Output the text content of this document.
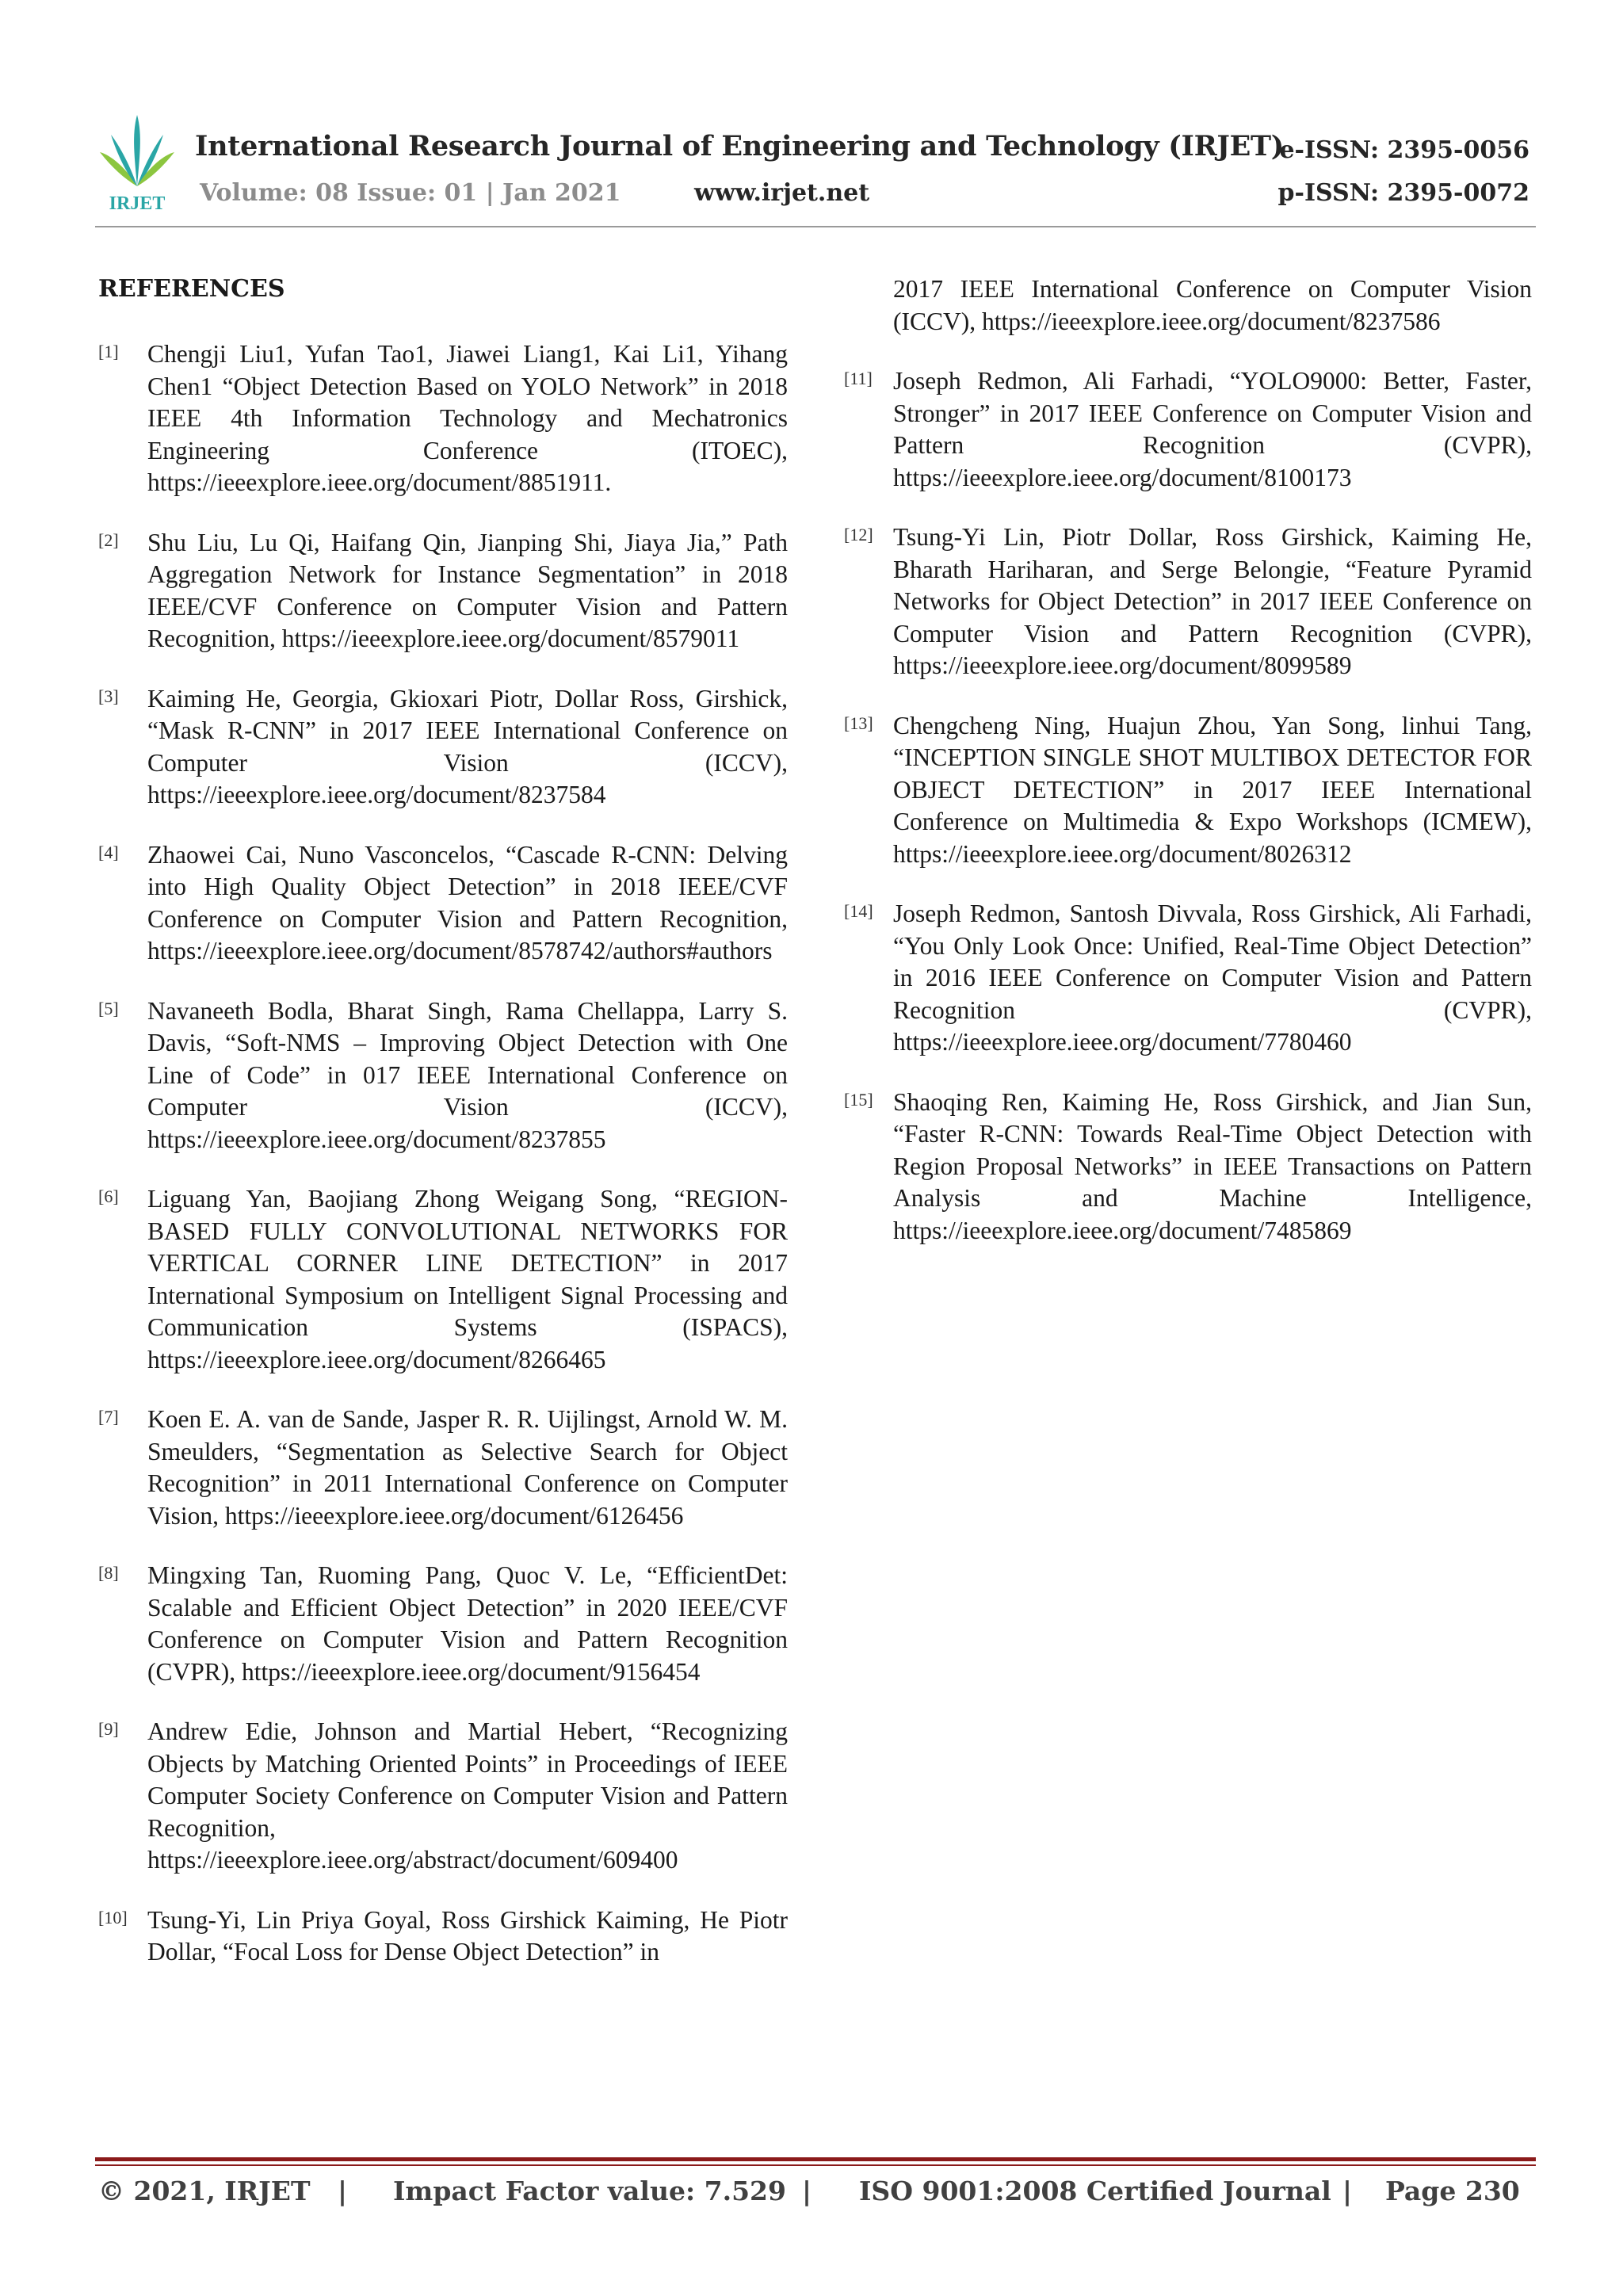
IRJET
International Research Journal of Engineering and Technology (IRJET)
e-ISSN: 2395-0056
Volume: 08 Issue: 01 | Jan 2021	www.irjet.net	p-ISSN: 2395-0072
REFERENCES
[1] Chengji Liu1, Yufan Tao1, Jiawei Liang1, Kai Li1, Yihang Chen1 “Object Detection Based on YOLO Network” in 2018 IEEE 4th Information Technology and Mechatronics Engineering Conference (ITOEC), https://ieeexplore.ieee.org/document/8851911.
[2] Shu Liu, Lu Qi, Haifang Qin, Jianping Shi, Jiaya Jia,” Path Aggregation Network for Instance Segmentation” in 2018 IEEE/CVF Conference on Computer Vision and Pattern Recognition, https://ieeexplore.ieee.org/document/8579011
[3] Kaiming He, Georgia, Gkioxari Piotr, Dollar Ross, Girshick, “Mask R-CNN” in 2017 IEEE International Conference on Computer Vision (ICCV), https://ieeexplore.ieee.org/document/8237584
[4] Zhaowei Cai, Nuno Vasconcelos, “Cascade R-CNN: Delving into High Quality Object Detection” in 2018 IEEE/CVF Conference on Computer Vision and Pattern Recognition, https://ieeexplore.ieee.org/document/8578742/authors#authors
[5] Navaneeth Bodla, Bharat Singh, Rama Chellappa, Larry S. Davis, “Soft-NMS – Improving Object Detection with One Line of Code” in 017 IEEE International Conference on Computer Vision (ICCV), https://ieeexplore.ieee.org/document/8237855
[6] Liguang Yan, Baojiang Zhong Weigang Song, “REGION-BASED FULLY CONVOLUTIONAL NETWORKS FOR VERTICAL CORNER LINE DETECTION” in 2017 International Symposium on Intelligent Signal Processing and Communication Systems (ISPACS), https://ieeexplore.ieee.org/document/8266465
[7] Koen E. A. van de Sande, Jasper R. R. Uijlingst, Arnold W. M. Smeulders, “Segmentation as Selective Search for Object Recognition” in 2011 International Conference on Computer Vision, https://ieeexplore.ieee.org/document/6126456
[8] Mingxing Tan, Ruoming Pang, Quoc V. Le, “EfficientDet: Scalable and Efficient Object Detection” in 2020 IEEE/CVF Conference on Computer Vision and Pattern Recognition (CVPR), https://ieeexplore.ieee.org/document/9156454
[9] Andrew Edie, Johnson and Martial Hebert, “Recognizing Objects by Matching Oriented Points” in Proceedings of IEEE Computer Society Conference on Computer Vision and Pattern Recognition, https://ieeexplore.ieee.org/abstract/document/609400
[10] Tsung-Yi, Lin Priya Goyal, Ross Girshick Kaiming, He Piotr Dollar, “Focal Loss for Dense Object Detection” in
2017 IEEE International Conference on Computer Vision (ICCV), https://ieeexplore.ieee.org/document/8237586
[11] Joseph Redmon, Ali Farhadi, “YOLO9000: Better, Faster, Stronger” in 2017 IEEE Conference on Computer Vision and Pattern Recognition (CVPR), https://ieeexplore.ieee.org/document/8100173
[12] Tsung-Yi Lin, Piotr Dollar, Ross Girshick, Kaiming He, Bharath Hariharan, and Serge Belongie, “Feature Pyramid Networks for Object Detection” in 2017 IEEE Conference on Computer Vision and Pattern Recognition (CVPR), https://ieeexplore.ieee.org/document/8099589
[13] Chengcheng Ning, Huajun Zhou, Yan Song, linhui Tang, “INCEPTION SINGLE SHOT MULTIBOX DETECTOR FOR OBJECT DETECTION” in 2017 IEEE International Conference on Multimedia & Expo Workshops (ICMEW), https://ieeexplore.ieee.org/document/8026312
[14] Joseph Redmon, Santosh Divvala, Ross Girshick, Ali Farhadi, “You Only Look Once: Unified, Real-Time Object Detection” in 2016 IEEE Conference on Computer Vision and Pattern Recognition (CVPR), https://ieeexplore.ieee.org/document/7780460
[15] Shaoqing Ren, Kaiming He, Ross Girshick, and Jian Sun, “Faster R-CNN: Towards Real-Time Object Detection with Region Proposal Networks” in IEEE Transactions on Pattern Analysis and Machine Intelligence, https://ieeexplore.ieee.org/document/7485869
© 2021, IRJET | Impact Factor value: 7.529 | ISO 9001:2008 Certified Journal | Page 230
